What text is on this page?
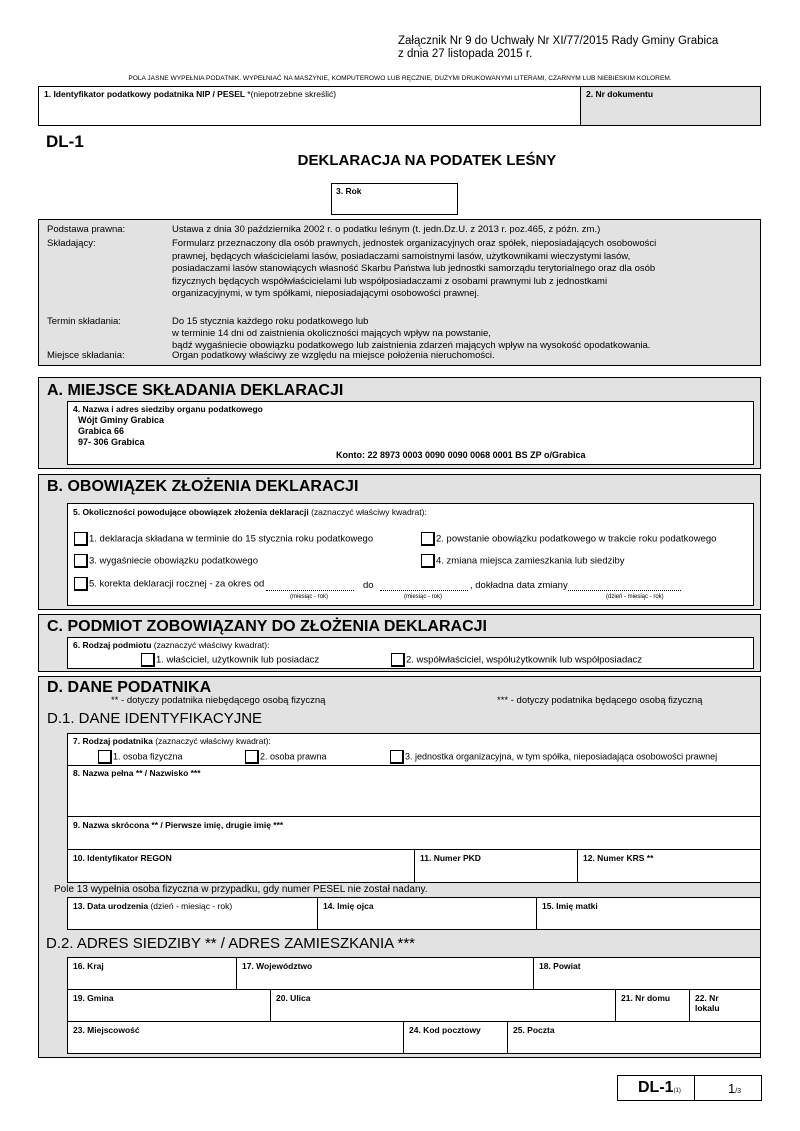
Załącznik Nr 9 do Uchwały Nr XI/77/2015 Rady Gminy Grabica
z dnia 27 listopada 2015 r.
POLA JASNE WYPEŁNIA PODATNIK. WYPEŁNIAĆ NA MASZYNIE, KOMPUTEROWO LUB RĘCZNIE, DUŻYMI DRUKOWANYMI LITERAMI, CZARNYM LUB NIEBIESKIM KOLOREM.
1. Identyfikator podatkowy podatnika NIP / PESEL *(niepotrzebne skreślić)	2. Nr dokumentu
DL-1
DEKLARACJA NA PODATEK LEŚNY
3. Rok
Podstawa prawna:	Ustawa z dnia 30 października 2002 r. o podatku leśnym (t. jedn.Dz.U. z 2013 r. poz.465, z późn. zm.)
Składający:	Formularz przeznaczony dla osób prawnych, jednostek organizacyjnych oraz spółek, nieposiadających osobowości
prawnej, będących właścicielami lasów, posiadaczami samoistnymi lasów, użytkownikami wieczystymi lasów,
posiadaczami lasów stanowiących własność Skarbu Państwa lub jednostki samorządu terytorialnego oraz dla osób
fizycznych będących współwłaścicielami lub współposiadaczami z osobami prawnymi lub z jednostkami
organizacyjnymi, w tym spółkami, nieposiadającymi osobowości prawnej.
Termin składania:	Do 15 stycznia każdego roku podatkowego lub
w terminie 14 dni od zaistnienia okoliczności mających wpływ na powstanie,
bądź wygaśniecie obowiązku podatkowego lub zaistnienia zdarzeń mających wpływ na wysokość opodatkowania.
Miejsce składania:	Organ podatkowy właściwy ze względu na miejsce położenia nieruchomości.
A. MIEJSCE SKŁADANIA DEKLARACJI
4. Nazwa i adres siedziby organu podatkowego
Wójt Gminy Grabica
Grabica 66
97- 306 Grabica
Konto: 22 8973 0003 0090 0090 0068 0001 BS ZP o/Grabica
B. OBOWIĄZEK ZŁOŻENIA DEKLARACJI
5. Okoliczności powodujące obowiązek złożenia deklaracji (zaznaczyć właściwy kwadrat):
1. deklaracja składana w terminie do 15 stycznia roku podatkowego	2. powstanie obowiązku podatkowego w trakcie roku podatkowego
3. wygaśniecie obowiązku podatkowego	4. zmiana miejsca zamieszkania lub siedziby
5. korekta deklaracji rocznej - za okres od	do	, dokładna data zmiany
(miesiąc - rok)	(miesiąc - rok)	(dzień - miesiąc - rok)
C. PODMIOT ZOBOWIĄZANY DO ZŁOŻENIA DEKLARACJI
6. Rodzaj podmiotu (zaznaczyć właściwy kwadrat):
1. właściciel, użytkownik lub posiadacz	2. współwłaściciel, współużytkownik lub współposiadacz
D. DANE PODATNIKA
** - dotyczy podatnika niebędącego osobą fizyczną	*** - dotyczy podatnika będącego osobą fizyczną
D.1. DANE IDENTYFIKACYJNE
7. Rodzaj podatnika (zaznaczyć właściwy kwadrat):
1. osoba fizyczna	2. osoba prawna	3. jednostka organizacyjna, w tym spółka, nieposiadająca osobowości prawnej
8. Nazwa pełna ** / Nazwisko ***
9. Nazwa skrócona ** / Pierwsze imię, drugie imię ***
10. Identyfikator REGON	11. Numer PKD	12. Numer KRS **
Pole 13 wypełnia osoba fizyczna w przypadku, gdy numer PESEL nie został nadany.
13. Data urodzenia (dzień - miesiąc - rok)	14. Imię ojca	15. Imię matki
D.2. ADRES SIEDZIBY ** / ADRES ZAMIESZKANIA ***
16. Kraj	17. Województwo	18. Powiat
19. Gmina	20. Ulica	21. Nr domu	22. Nr
lokalu
23. Miejscowość	24. Kod pocztowy	25. Poczta
DL-1(1)	1/3
